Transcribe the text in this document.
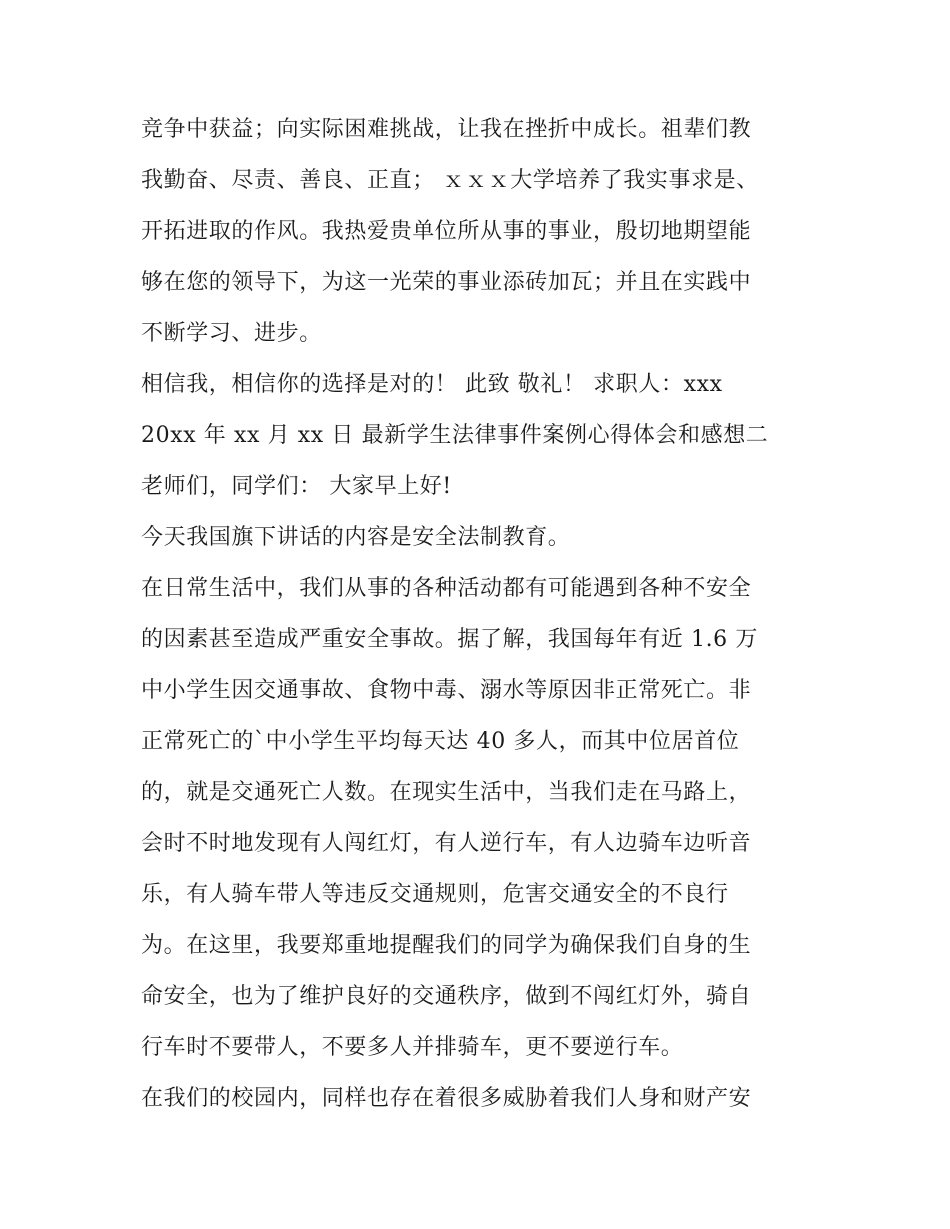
竞争中获益；向实际困难挑战，让我在挫折中成长。祖辈们教
我勤奋、尽责、善良、正直； ｘｘｘ大学培养了我实事求是、
开拓进取的作风。我热爱贵单位所从事的事业，殷切地期望能
够在您的领导下，为这一光荣的事业添砖加瓦；并且在实践中
不断学习、进步。
相信我，相信你的选择是对的！ 此致 敬礼！ 求职人：xxx
20xx 年 xx 月 xx 日 最新学生法律事件案例心得体会和感想二
老师们，同学们： 大家早上好!
今天我国旗下讲话的内容是安全法制教育。
在日常生活中，我们从事的各种活动都有可能遇到各种不安全
的因素甚至造成严重安全事故。据了解，我国每年有近 1.6 万
中小学生因交通事故、食物中毒、溺水等原因非正常死亡。非
正常死亡的`中小学生平均每天达 40 多人，而其中位居首位
的，就是交通死亡人数。在现实生活中，当我们走在马路上，
会时不时地发现有人闯红灯，有人逆行车，有人边骑车边听音
乐，有人骑车带人等违反交通规则，危害交通安全的不良行
为。在这里，我要郑重地提醒我们的同学为确保我们自身的生
命安全，也为了维护良好的交通秩序，做到不闯红灯外，骑自
行车时不要带人，不要多人并排骑车，更不要逆行车。
在我们的校园内，同样也存在着很多威胁着我们人身和财产安
